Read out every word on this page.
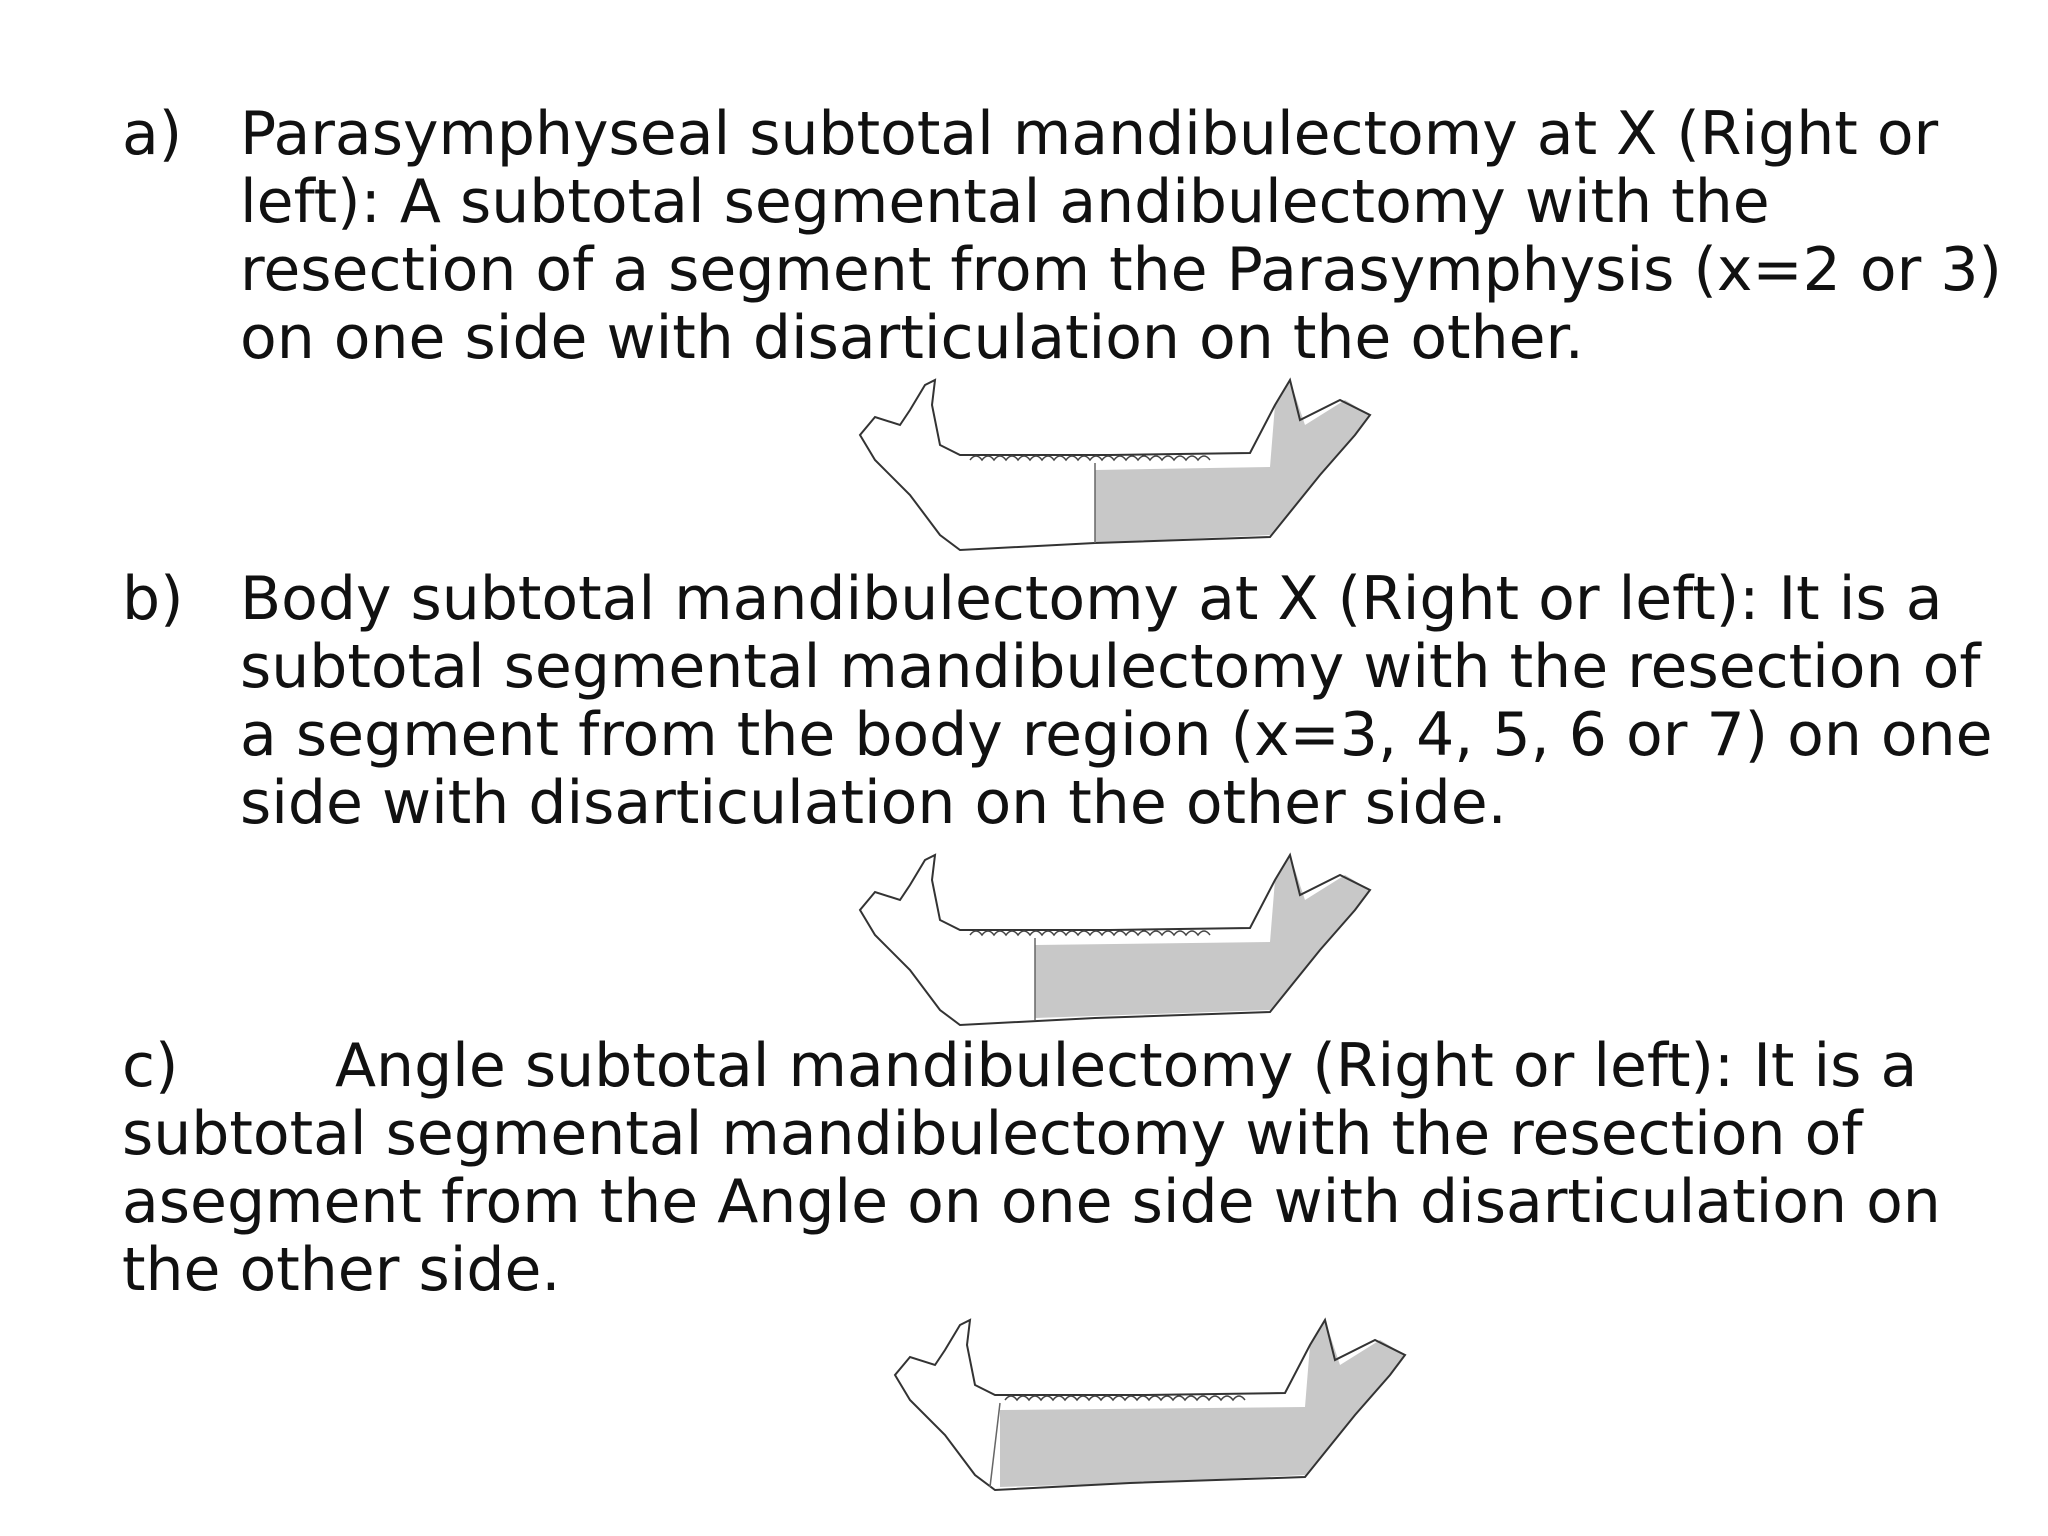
a) Parasymphyseal subtotal mandibulectomy at X (Right or left): A subtotal segmental andibulectomy with the resection of a segment from the Parasymphysis (x=2 or 3) on one side with disarticulation on the other.
b) Body subtotal mandibulectomy at X (Right or left): It is a subtotal segmental mandibulectomy with the resection of a segment from the body region (x=3, 4, 5, 6 or 7) on one side with disarticulation on the other side.
c)	Angle subtotal mandibulectomy (Right or left): It is a subtotal segmental mandibulectomy with the resection of asegment from the Angle on one side with disarticulation on the other side.
